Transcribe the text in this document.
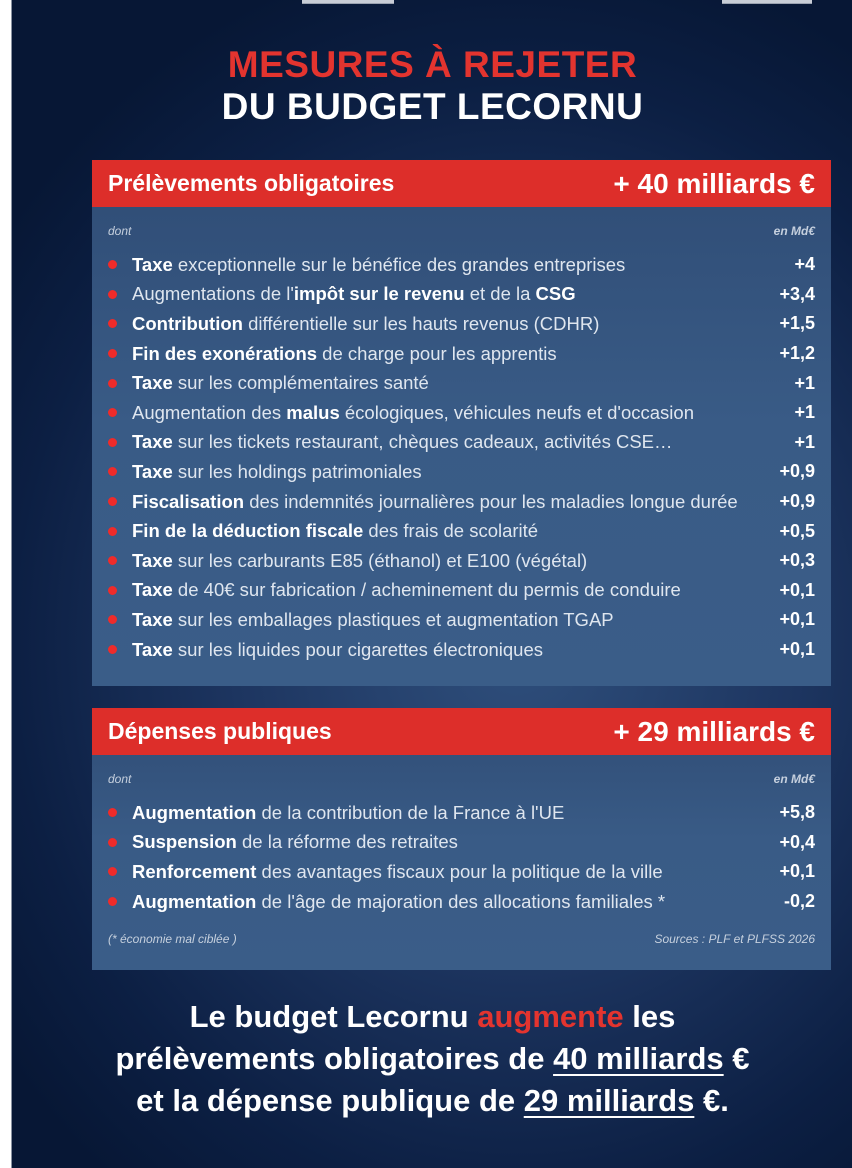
MESURES À REJETER
DU BUDGET LECORNU
Prélèvements obligatoires	+ 40 milliards €
dont	en Md€
Taxe exceptionnelle sur le bénéfice des grandes entreprises	+4
Augmentations de l'impôt sur le revenu et de la CSG	+3,4
Contribution différentielle sur les hauts revenus (CDHR)	+1,5
Fin des exonérations de charge pour les apprentis	+1,2
Taxe sur les complémentaires santé	+1
Augmentation des malus écologiques, véhicules neufs et d'occasion	+1
Taxe sur les tickets restaurant, chèques cadeaux, activités CSE…	+1
Taxe sur les holdings patrimoniales	+0,9
Fiscalisation des indemnités journalières pour les maladies longue durée	+0,9
Fin de la déduction fiscale des frais de scolarité	+0,5
Taxe sur les carburants E85 (éthanol) et E100 (végétal)	+0,3
Taxe de 40€ sur fabrication / acheminement du permis de conduire	+0,1
Taxe sur les emballages plastiques et augmentation TGAP	+0,1
Taxe sur les liquides pour cigarettes électroniques	+0,1
Dépenses publiques	+ 29 milliards €
dont	en Md€
Augmentation de la contribution de la France à l'UE	+5,8
Suspension de la réforme des retraites	+0,4
Renforcement des avantages fiscaux pour la politique de la ville	+0,1
Augmentation de l'âge de majoration des allocations familiales *	-0,2
(* économie mal ciblée )	Sources : PLF et PLFSS 2026
Le budget Lecornu augmente les
prélèvements obligatoires de 40 milliards €
et la dépense publique de 29 milliards €.
